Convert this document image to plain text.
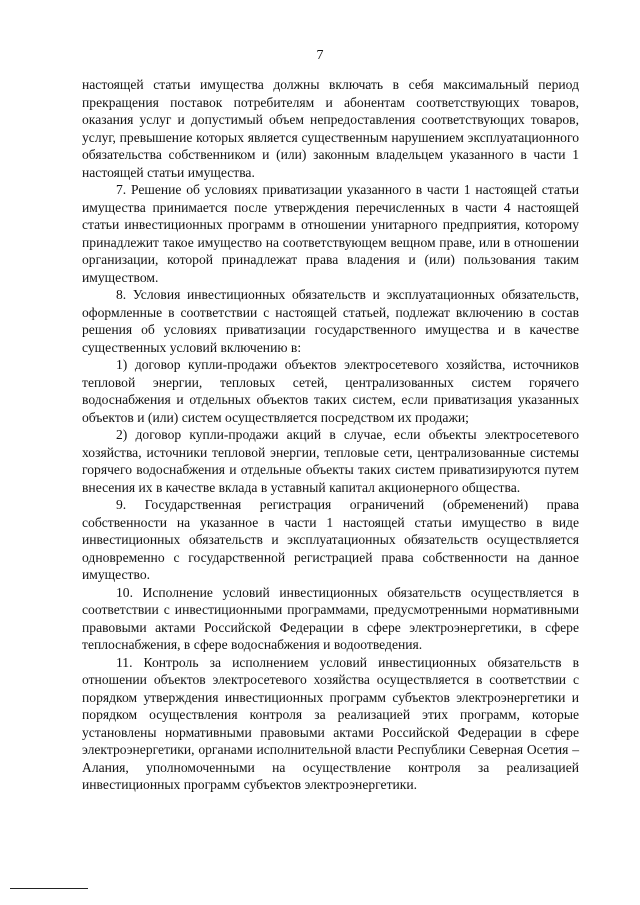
7

настоящей статьи имущества должны включать в себя максимальный период прекращения поставок потребителям и абонентам соответствующих товаров, оказания услуг и допустимый объем непредоставления соответствующих товаров, услуг, превышение которых является существенным нарушением эксплуатационного обязательства собственником и (или) законным владельцем указанного в части 1 настоящей статьи имущества.

7. Решение об условиях приватизации указанного в части 1 настоящей статьи имущества принимается после утверждения перечисленных в части 4 настоящей статьи инвестиционных программ в отношении унитарного предприятия, которому принадлежит такое имущество на соответствующем вещном праве, или в отношении организации, которой принадлежат права владения и (или) пользования таким имуществом.

8. Условия инвестиционных обязательств и эксплуатационных обязательств, оформленные в соответствии с настоящей статьей, подлежат включению в состав решения об условиях приватизации государственного имущества и в качестве существенных условий включению в:

1) договор купли-продажи объектов электросетевого хозяйства, источников тепловой энергии, тепловых сетей, централизованных систем горячего водоснабжения и отдельных объектов таких систем, если приватизация указанных объектов и (или) систем осуществляется посредством их продажи;

2) договор купли-продажи акций в случае, если объекты электросетевого хозяйства, источники тепловой энергии, тепловые сети, централизованные системы горячего водоснабжения и отдельные объекты таких систем приватизируются путем внесения их в качестве вклада в уставный капитал акционерного общества.

9. Государственная регистрация ограничений (обременений) права собственности на указанное в части 1 настоящей статьи имущество в виде инвестиционных обязательств и эксплуатационных обязательств осуществляется одновременно с государственной регистрацией права собственности на данное имущество.

10. Исполнение условий инвестиционных обязательств осуществляется в соответствии с инвестиционными программами, предусмотренными нормативными правовыми актами Российской Федерации в сфере электроэнергетики, в сфере теплоснабжения, в сфере водоснабжения и водоотведения.

11. Контроль за исполнением условий инвестиционных обязательств в отношении объектов электросетевого хозяйства осуществляется в соответствии с порядком утверждения инвестиционных программ субъектов электроэнергетики и порядком осуществления контроля за реализацией этих программ, которые установлены нормативными правовыми актами Российской Федерации в сфере электроэнергетики, органами исполнительной власти Республики Северная Осетия – Алания, уполномоченными на осуществление контроля за реализацией инвестиционных программ субъектов электроэнергетики.
